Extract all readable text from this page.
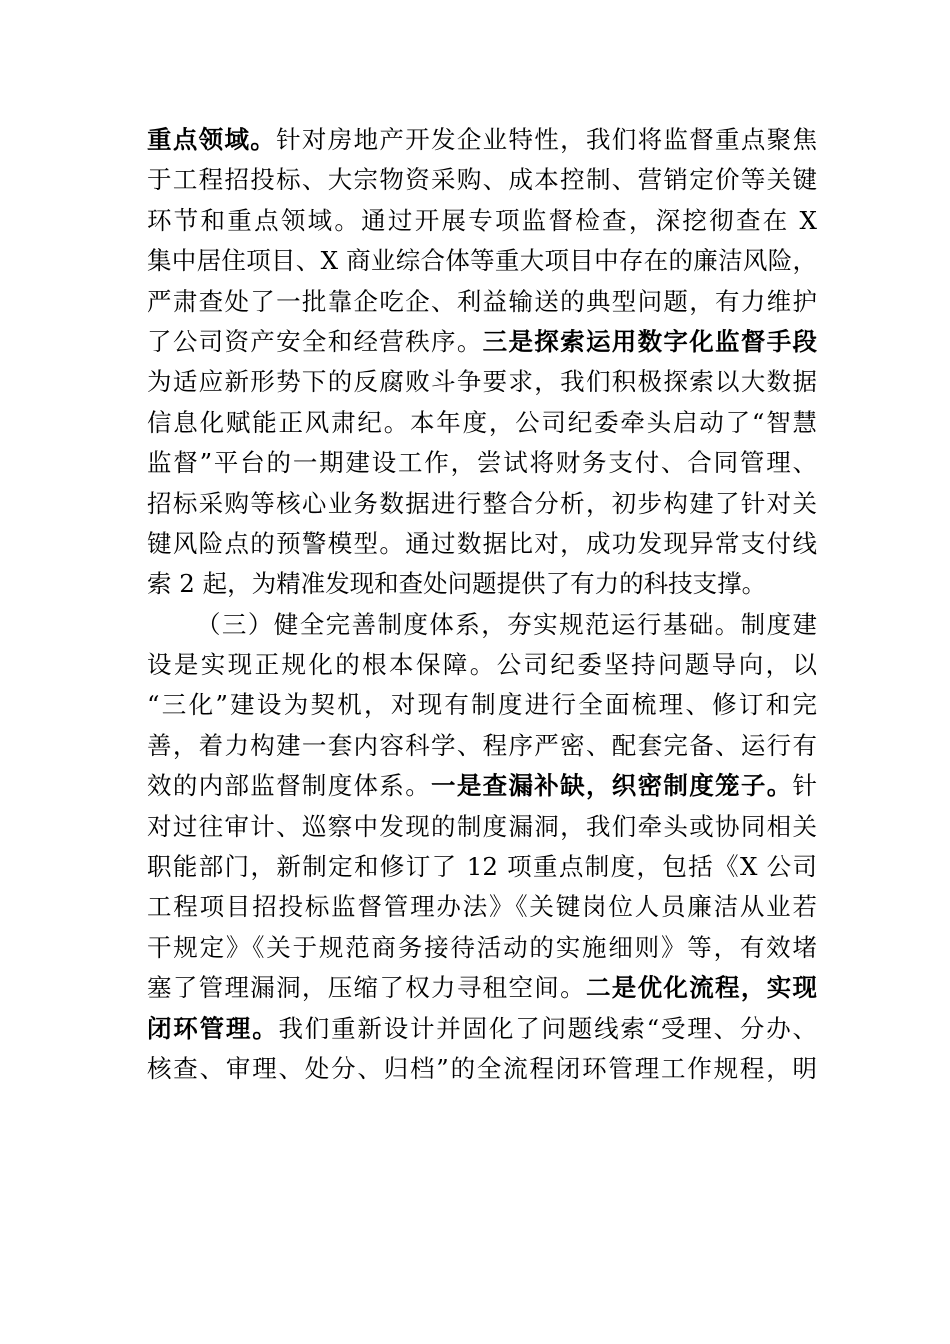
重点领域。针对房地产开发企业特性，我们将监督重点聚焦
于工程招投标、大宗物资采购、成本控制、营销定价等关键
环节和重点领域。通过开展专项监督检查，深挖彻查在 X
集中居住项目、X 商业综合体等重大项目中存在的廉洁风险，
严肃查处了一批靠企吃企、利益输送的典型问题，有力维护
了公司资产安全和经营秩序。三是探索运用数字化监督手段
为适应新形势下的反腐败斗争要求，我们积极探索以大数据
信息化赋能正风肃纪。本年度，公司纪委牵头启动了“智慧
监督”平台的一期建设工作，尝试将财务支付、合同管理、
招标采购等核心业务数据进行整合分析，初步构建了针对关
键风险点的预警模型。通过数据比对，成功发现异常支付线
索 2 起，为精准发现和查处问题提供了有力的科技支撑。
（三）健全完善制度体系，夯实规范运行基础。制度建
设是实现正规化的根本保障。公司纪委坚持问题导向，以
“三化”建设为契机，对现有制度进行全面梳理、修订和完
善，着力构建一套内容科学、程序严密、配套完备、运行有
效的内部监督制度体系。一是查漏补缺，织密制度笼子。针
对过往审计、巡察中发现的制度漏洞，我们牵头或协同相关
职能部门，新制定和修订了 12 项重点制度，包括《X 公司
工程项目招投标监督管理办法》《关键岗位人员廉洁从业若
干规定》《关于规范商务接待活动的实施细则》等，有效堵
塞了管理漏洞，压缩了权力寻租空间。二是优化流程，实现
闭环管理。我们重新设计并固化了问题线索“受理、分办、
核查、审理、处分、归档”的全流程闭环管理工作规程，明
